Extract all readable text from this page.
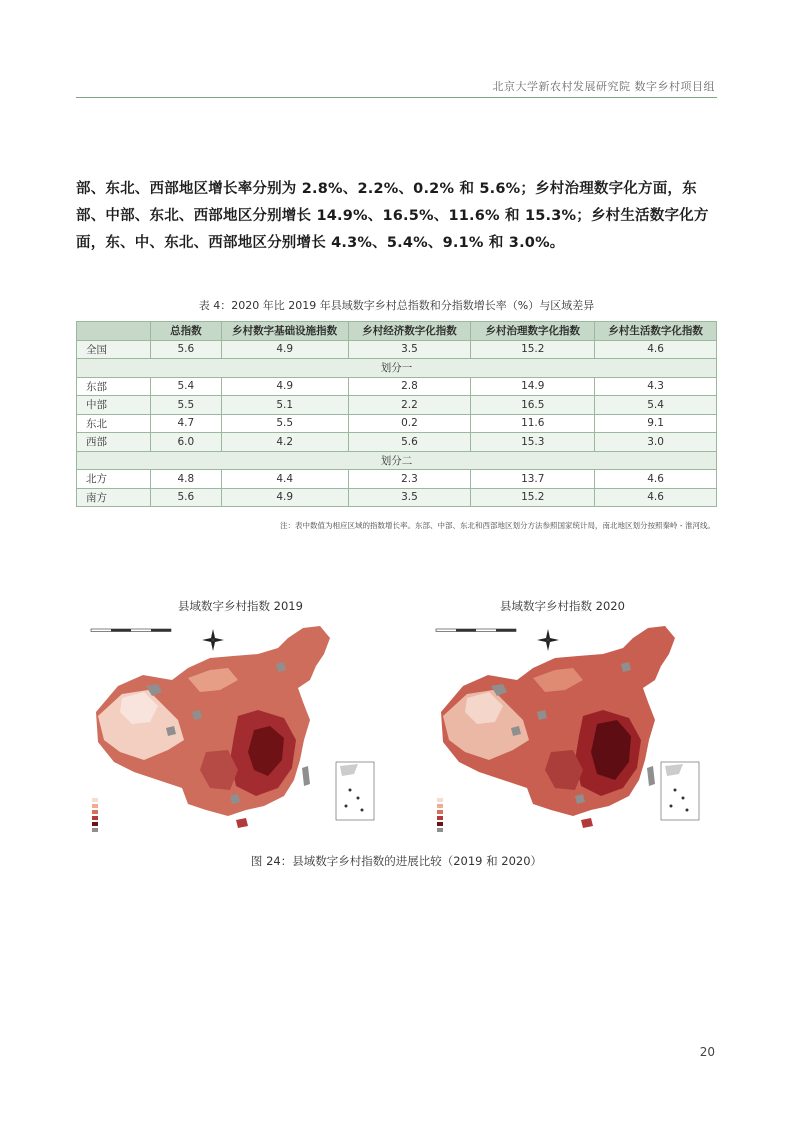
北京大学新农村发展研究院 数字乡村项目组

部、东北、西部地区增长率分别为 2.8%、2.2%、0.2% 和 5.6%；乡村治理数字化方面，东部、中部、东北、西部地区分别增长 14.9%、16.5%、11.6% 和 15.3%；乡村生活数字化方面，东、中、东北、西部地区分别增长 4.3%、5.4%、9.1% 和 3.0%。

表 4：2020 年比 2019 年县域数字乡村总指数和分指数增长率（%）与区域差异
	总指数	乡村数字基础设施指数	乡村经济数字化指数	乡村治理数字化指数	乡村生活数字化指数
全国	5.6	4.9	3.5	15.2	4.6
划分一					
东部	5.4	4.9	2.8	14.9	4.3
中部	5.5	5.1	2.2	16.5	5.4
东北	4.7	5.5	0.2	11.6	9.1
西部	6.0	4.2	5.6	15.3	3.0
划分二					
北方	4.8	4.4	2.3	13.7	4.6
南方	5.6	4.9	3.5	15.2	4.6
注：表中数值为相应区域的指数增长率。东部、中部、东北和西部地区划分方法参照国家统计局，南北地区划分按照秦岭 - 淮河线。
县域数字乡村指数 2019	县域数字乡村指数 2020
图 24：县域数字乡村指数的进展比较（2019 和 2020）
20
